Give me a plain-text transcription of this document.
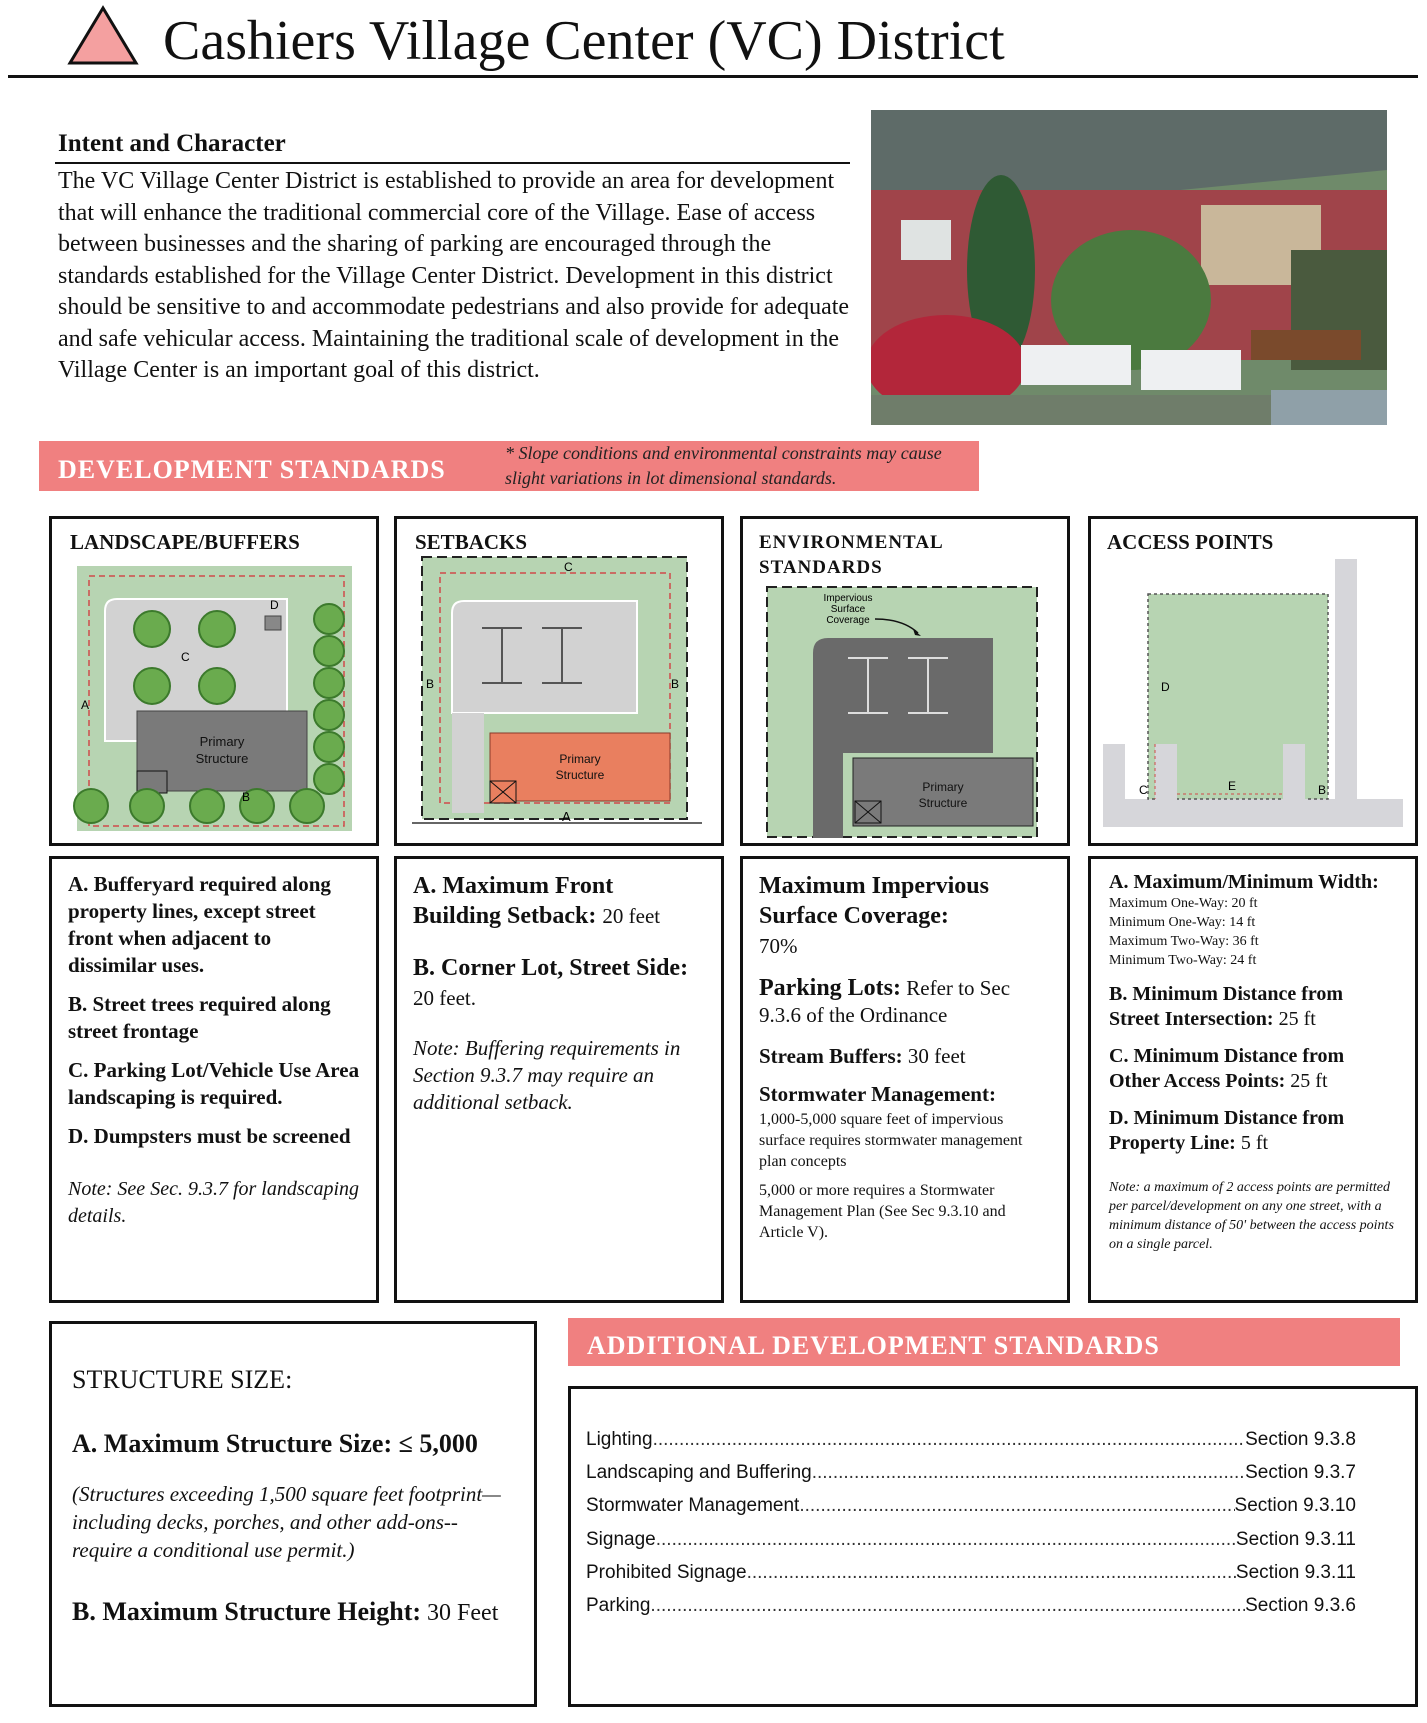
Cashiers Village Center (VC) District
Intent and Character
The VC Village Center District is established to provide an area for development that will enhance the traditional commercial core of the Village. Ease of access between businesses and the sharing of parking are encouraged through the standards established for the Village Center District. Development in this district should be sensitive to and accommodate pedestrians and also provide for adequate and safe vehicular access. Maintaining the traditional scale of development in the Village Center is an important goal of this district.
DEVELOPMENT STANDARDS
* Slope conditions and environmental constraints may cause slight variations in lot dimensional standards.
LANDSCAPE/BUFFERS
Primary
Structure
A
B
C
D

A. Bufferyard required along property lines, except street front when adjacent to dissimilar uses.

B. Street trees required along street frontage

C. Parking Lot/Vehicle Use Area landscaping is required.

D. Dumpsters must be screened

Note: See Sec. 9.3.7 for landscaping details.

SETBACKS
Primary
Structure
A
B	B
C

A. Maximum Front Building Setback: 20 feet

B. Corner Lot, Street Side: 20 feet.

Note: Buffering requirements in Section 9.3.7 may require an additional setback.

ENVIRONMENTAL
STANDARDS
Primary
Structure
Impervious
Surface
Coverage

Maximum Impervious Surface Coverage:
70%

Parking Lots: Refer to Sec 9.3.6 of the Ordinance

Stream Buffers: 30 feet

Stormwater Management:

1,000-5,000 square feet of impervious surface requires stormwater management plan concepts

5,000 or more requires a Stormwater Management Plan (See Sec 9.3.10 and Article V).

ACCESS POINTS
B
C
D
E

A. Maximum/Minimum Width:

Maximum One-Way: 20 ft
Minimum One-Way: 14 ft
Maximum Two-Way: 36 ft
Minimum Two-Way: 24 ft

B. Minimum Distance from Street Intersection: 25 ft

C. Minimum Distance from Other Access Points: 25 ft

D. Minimum Distance from Property Line: 5 ft

Note: a maximum of 2 access points are permitted per parcel/development on any one street, with a minimum distance of 50' between the access points on a single parcel.

STRUCTURE SIZE:

A. Maximum Structure Size: ≤ 5,000

(Structures exceeding 1,500 square feet footprint—including decks, porches, and other add-ons-- require a conditional use permit.)

B. Maximum Structure Height: 30 Feet

ADDITIONAL DEVELOPMENT STANDARDS
Lighting .....	Section 9.3.8
Landscaping and Buffering .....	Section 9.3.7
Stormwater Management .....	Section 9.3.10
Signage .....	Section 9.3.11
Prohibited Signage .....	Section 9.3.11
Parking .....	Section 9.3.6
